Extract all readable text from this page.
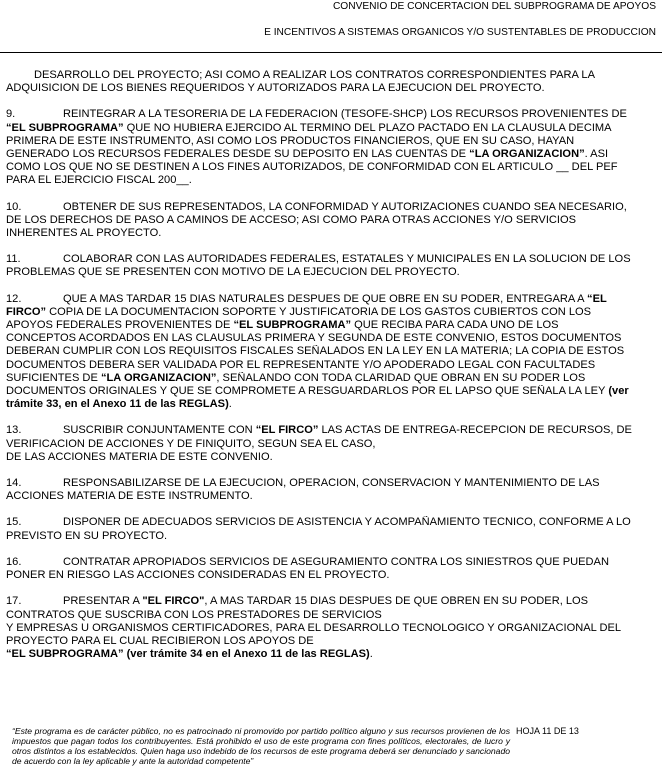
CONVENIO DE CONCERTACION DEL SUBPROGRAMA DE APOYOS
E INCENTIVOS A SISTEMAS ORGANICOS Y/O SUSTENTABLES DE PRODUCCION
DESARROLLO DEL PROYECTO; ASI COMO A REALIZAR LOS CONTRATOS CORRESPONDIENTES PARA LA
ADQUISICION DE LOS BIENES REQUERIDOS Y AUTORIZADOS PARA LA EJECUCION DEL PROYECTO.
9.	REINTEGRAR A LA TESORERIA DE LA FEDERACION (TESOFE-SHCP) LOS RECURSOS PROVENIENTES DE
“EL SUBPROGRAMA” QUE NO HUBIERA EJERCIDO AL TERMINO DEL PLAZO PACTADO EN LA CLAUSULA DECIMA
PRIMERA DE ESTE INSTRUMENTO, ASI COMO LOS PRODUCTOS FINANCIEROS, QUE EN SU CASO, HAYAN
GENERADO LOS RECURSOS FEDERALES DESDE SU DEPOSITO EN LAS CUENTAS DE “LA ORGANIZACION”. ASI
COMO LOS QUE NO SE DESTINEN A LOS FINES AUTORIZADOS, DE CONFORMIDAD CON EL ARTICULO __ DEL PEF
PARA EL EJERCICIO FISCAL 200__.
10.	OBTENER DE SUS REPRESENTADOS, LA CONFORMIDAD Y AUTORIZACIONES CUANDO SEA NECESARIO,
DE LOS DERECHOS DE PASO A CAMINOS DE ACCESO; ASI COMO PARA OTRAS ACCIONES Y/O SERVICIOS
INHERENTES AL PROYECTO.
11.	COLABORAR CON LAS AUTORIDADES FEDERALES, ESTATALES Y MUNICIPALES EN LA SOLUCION DE LOS
PROBLEMAS QUE SE PRESENTEN CON MOTIVO DE LA EJECUCION DEL PROYECTO.
12.	QUE A MAS TARDAR 15 DIAS NATURALES DESPUES DE QUE OBRE EN SU PODER, ENTREGARA A “EL
FIRCO” COPIA DE LA DOCUMENTACION SOPORTE Y JUSTIFICATORIA DE LOS GASTOS CUBIERTOS CON LOS
APOYOS FEDERALES PROVENIENTES DE “EL SUBPROGRAMA” QUE RECIBA PARA CADA UNO DE LOS
CONCEPTOS ACORDADOS EN LAS CLAUSULAS PRIMERA Y SEGUNDA DE ESTE CONVENIO, ESTOS DOCUMENTOS
DEBERAN CUMPLIR CON LOS REQUISITOS FISCALES SEÑALADOS EN LA LEY EN LA MATERIA; LA COPIA DE ESTOS
DOCUMENTOS DEBERA SER VALIDADA POR EL REPRESENTANTE Y/O APODERADO LEGAL CON FACULTADES
SUFICIENTES DE “LA ORGANIZACION”, SEÑALANDO CON TODA CLARIDAD QUE OBRAN EN SU PODER LOS
DOCUMENTOS ORIGINALES Y QUE SE COMPROMETE A RESGUARDARLOS POR EL LAPSO QUE SEÑALA LA LEY (ver
trámite 33, en el Anexo 11 de las REGLAS).
13.	SUSCRIBIR CONJUNTAMENTE CON “EL FIRCO” LAS ACTAS DE ENTREGA-RECEPCION DE RECURSOS, DE
VERIFICACION DE ACCIONES Y DE FINIQUITO, SEGUN SEA EL CASO,
DE LAS ACCIONES MATERIA DE ESTE CONVENIO.
14.	RESPONSABILIZARSE DE LA EJECUCION, OPERACION, CONSERVACION Y MANTENIMIENTO DE LAS
ACCIONES MATERIA DE ESTE INSTRUMENTO.
15.	DISPONER DE ADECUADOS SERVICIOS DE ASISTENCIA Y ACOMPAÑAMIENTO TECNICO, CONFORME A LO
PREVISTO EN SU PROYECTO.
16.	CONTRATAR APROPIADOS SERVICIOS DE ASEGURAMIENTO CONTRA LOS SINIESTROS QUE PUEDAN
PONER EN RIESGO LAS ACCIONES CONSIDERADAS EN EL PROYECTO.
17.	PRESENTAR A "EL FIRCO", A MAS TARDAR 15 DIAS DESPUES DE QUE OBREN EN SU PODER, LOS
CONTRATOS QUE SUSCRIBA CON LOS PRESTADORES DE SERVICIOS
Y EMPRESAS U ORGANISMOS CERTIFICADORES, PARA EL DESARROLLO TECNOLOGICO Y ORGANIZACIONAL DEL
PROYECTO PARA EL CUAL RECIBIERON LOS APOYOS DE
“EL SUBPROGRAMA” (ver trámite 34 en el Anexo 11 de las REGLAS).
“Este programa es de carácter público, no es patrocinado ni promovido por partido político alguno y sus recursos provienen de los impuestos que pagan todos los contribuyentes. Está prohibido el uso de este programa con fines políticos, electorales, de lucro y otros distintos a los establecidos. Quien haga uso indebido de los recursos de este programa deberá ser denunciado y sancionado de acuerdo con la ley aplicable y ante la autoridad competente”
HOJA 11 DE 13
